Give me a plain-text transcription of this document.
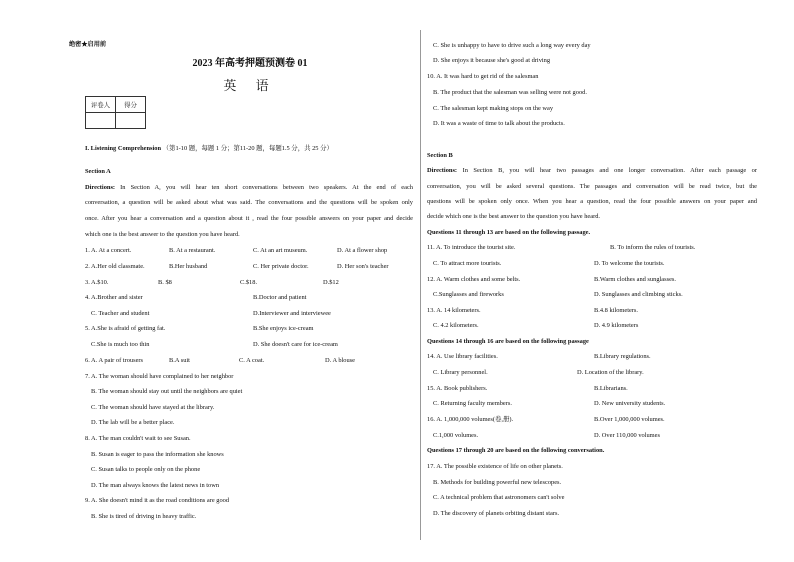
绝密★启用前
2023 年高考押题预测卷 01
英 语
评卷人	得分

I. Listening Comprehension （第1-10 题，每题 1 分；第11-20 题，每题1.5 分，共 25 分）
Section A
Directions: In Section A, you will hear ten short conversations between two speakers. At the end of each
conversation, a question will be asked about what was said. The conversations and the questions will be spoken only
once. After you hear a conversation and a question about it , read the four possible answers on your paper and decide
which one is the best answer to the question you have heard.
1. A. At a concert.	B. At a restaurant.	C. At an art museum.	D. At a flower shop
2. A.Her old classmate.	B.Her husband	C. Her private doctor.	D. Her son's teacher
3. A.$10.	B. $8	C.$18.	D.$12
4. A.Brother and sister	B.Doctor and patient
C. Teacher and student	D.Interviewer and interviewee
5. A.She is afraid of getting fat.	B.She enjoys ice-cream
C.She is much too thin	D. She doesn't care for ice-cream
6. A. A pair of trousers	B.A suit	C. A coat.	D. A blouse
7. A. The woman should have complained to her neighbor
B. The woman should stay out until the neighbors are quiet
C. The woman should have stayed at the library.
D. The lab will be a better place.
8. A. The man couldn't wait to see Susan.
B. Susan is eager to pass the information she knows
C. Susan talks to people only on the phone
D. The man always knows the latest news in town
9. A. She doesn't mind it as the road conditions are good
B. She is tired of driving in heavy traffic.
C. She is unhappy to have to drive such a long way every day
D. She enjoys it because she's good at driving
10. A. It was hard to get rid of the salesman
B. The product that the salesman was selling were not good.
C. The salesman kept making stops on the way
D. It was a waste of time to talk about the products.
Section B
Directions: In Section B, you will hear two passages and one longer conversation. After each passage or
conversation, you will be asked several questions. The passages and conversation will be read twice, but the
questions will be spoken only once. When you hear a question, read the four possible answers on your paper and
decide which one is the best answer to the question you have heard.
Questions 11 through 13 are based on the following passage.
11. A. To introduce the tourist site.	B. To inform the rules of tourists.
C. To attract more tourists.	D. To welcome the tourists.
12. A. Warm clothes and some belts.	B.Warm clothes and sunglasses.
C.Sunglasses and fireworks	D. Sunglasses and climbing sticks.
13. A. 14 kilometers.	B.4.8 kilometers.
C. 4.2 kilometers.	D. 4.9 kilometers
Questions 14 through 16 are based on the following passage
14. A. Use library facilities.	B.Library regulations.
C. Library personnel.	D. Location of the library.
15. A. Book publishers.	B.Librarians.
C. Returning faculty members.	D. New university students.
16. A. 1,000,000 volumes(卷,册).	B.Over 1,000,000 volumes.
C.1,000 volumes.	D. Over 110,000 volumes
Questions 17 through 20 are based on the following conversation.
17. A. The possible existence of life on other planets.
B. Methods for building powerful new telescopes.
C. A technical problem that astronomers can't solve
D. The discovery of planets orbiting distant stars.
